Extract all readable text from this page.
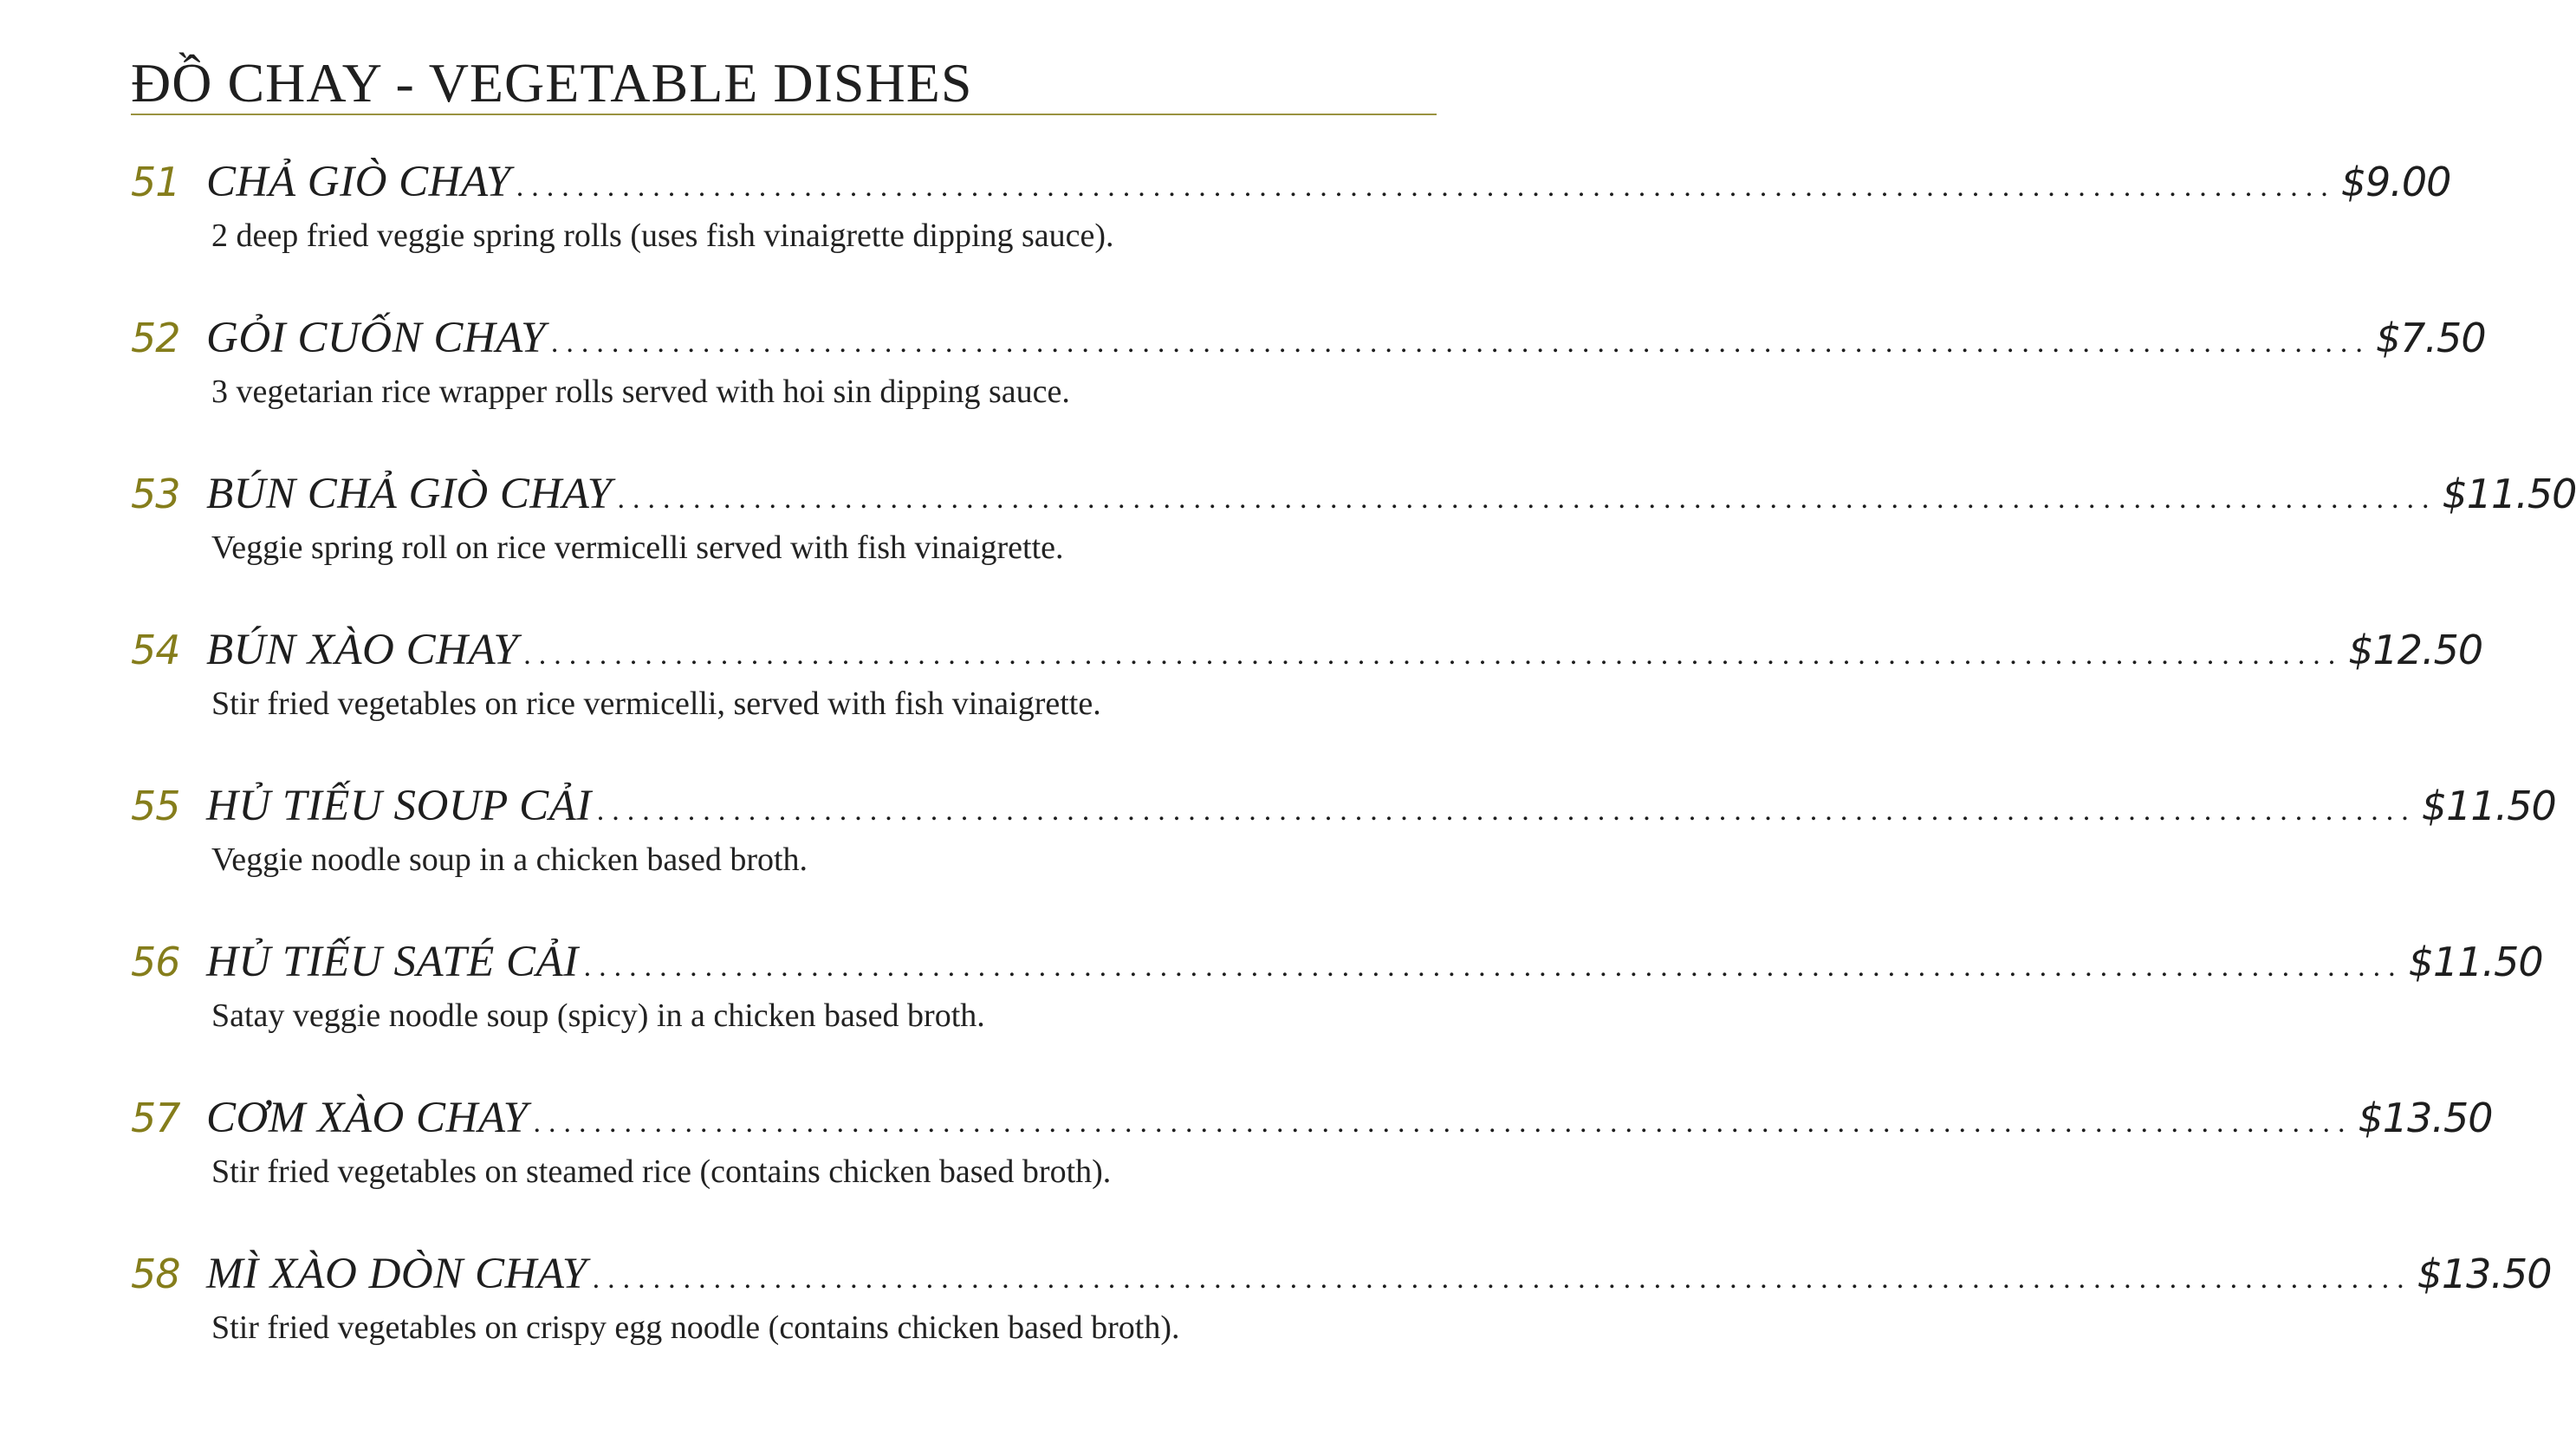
ĐỒ CHAY - VEGETABLE DISHES
51 CHẢ GIÒ CHAY ........................................................................................................................ $9.00
2 deep fried veggie spring rolls (uses fish vinaigrette dipping sauce).
52 GỎI CUỐN CHAY ........................................................................................................................ $7.50
3 vegetarian rice wrapper rolls served with hoi sin dipping sauce.
53 BÚN CHẢ GIÒ CHAY ........................................................................................................................ $11.50
Veggie spring roll on rice vermicelli served with fish vinaigrette.
54 BÚN XÀO CHAY ........................................................................................................................ $12.50
Stir fried vegetables on rice vermicelli, served with fish vinaigrette.
55 HỦ TIẾU SOUP CẢI ........................................................................................................................ $11.50
Veggie noodle soup in a chicken based broth.
56 HỦ TIẾU SATÉ CẢI ........................................................................................................................ $11.50
Satay veggie noodle soup (spicy) in a chicken based broth.
57 CƠM XÀO CHAY ........................................................................................................................ $13.50
Stir fried vegetables on steamed rice (contains chicken based broth).
58 MÌ XÀO DÒN CHAY ........................................................................................................................ $13.50
Stir fried vegetables on crispy egg noodle (contains chicken based broth).
